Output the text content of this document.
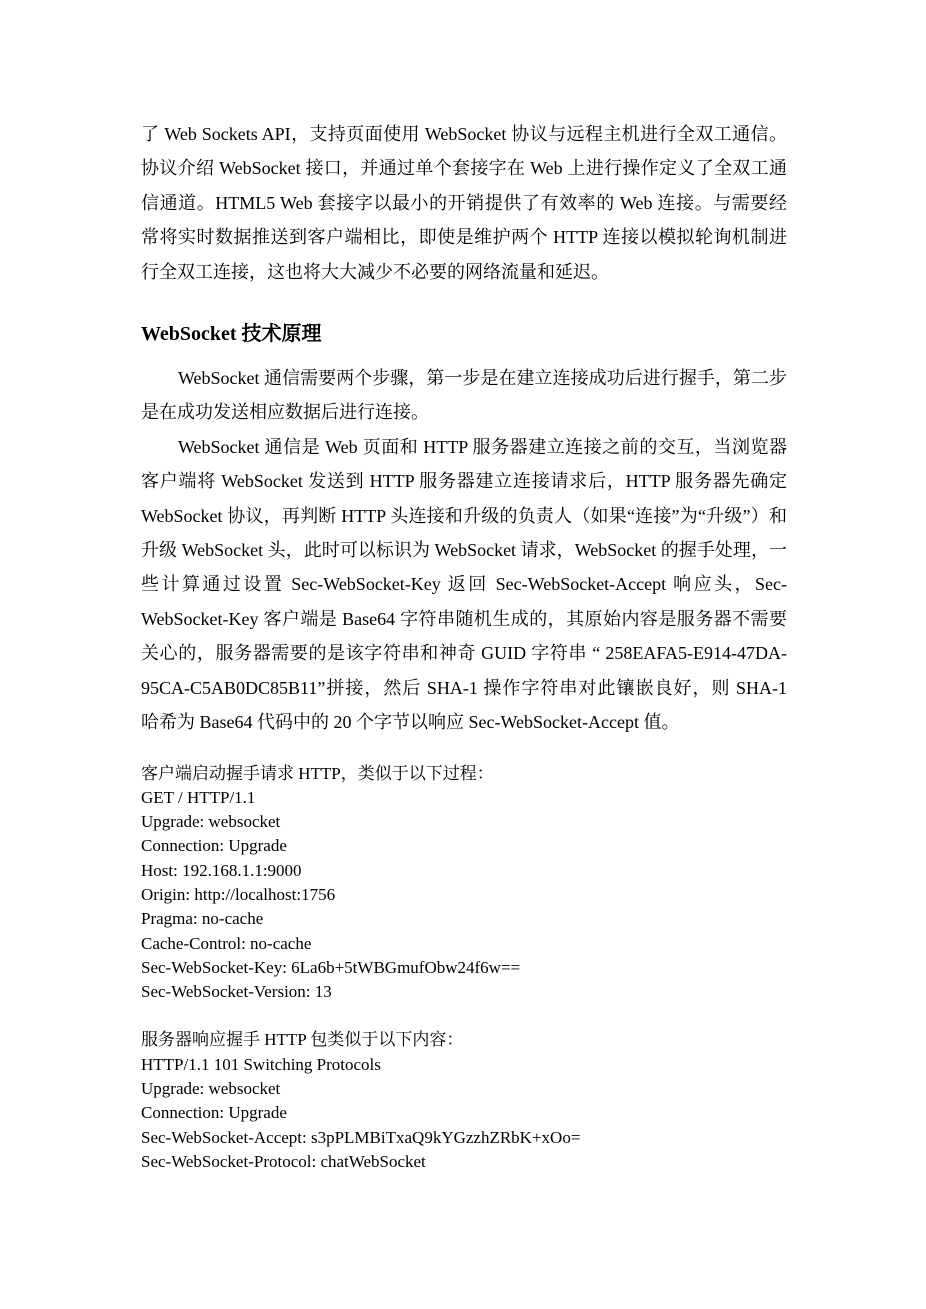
了 Web Sockets API，支持页面使用 WebSocket 协议与远程主机进行全双工通信。协议介绍 WebSocket 接口，并通过单个套接字在 Web 上进行操作定义了全双工通信通道。HTML5 Web 套接字以最小的开销提供了有效率的 Web 连接。与需要经常将实时数据推送到客户端相比，即使是维护两个 HTTP 连接以模拟轮询机制进行全双工连接，这也将大大减少不必要的网络流量和延迟。

WebSocket 技术原理

WebSocket 通信需要两个步骤，第一步是在建立连接成功后进行握手，第二步是在成功发送相应数据后进行连接。

WebSocket 通信是 Web 页面和 HTTP 服务器建立连接之前的交互，当浏览器客户端将 WebSocket 发送到 HTTP 服务器建立连接请求后，HTTP 服务器先确定 WebSocket 协议，再判断 HTTP 头连接和升级的负责人（如果“连接”为“升级”）和升级 WebSocket 头，此时可以标识为 WebSocket 请求，WebSocket 的握手处理，一些计算通过设置 Sec-WebSocket-Key 返回 Sec-WebSocket-Accept 响应头，Sec-WebSocket-Key 客户端是 Base64 字符串随机生成的，其原始内容是服务器不需要关心的，服务器需要的是该字符串和神奇 GUID 字符串 “ 258EAFA5-E914-47DA-95CA-C5AB0DC85B11”拼接，然后 SHA-1 操作字符串对此镶嵌良好，则 SHA-1 哈希为 Base64 代码中的 20 个字节以响应 Sec-WebSocket-Accept 值。

客户端启动握手请求 HTTP，类似于以下过程：

GET / HTTP/1.1

Upgrade: websocket

Connection: Upgrade

Host: 192.168.1.1:9000

Origin: http://localhost:1756

Pragma: no-cache

Cache-Control: no-cache

Sec-WebSocket-Key: 6La6b+5tWBGmufObw24f6w==

Sec-WebSocket-Version: 13

服务器响应握手 HTTP 包类似于以下内容：

HTTP/1.1 101 Switching Protocols

Upgrade: websocket

Connection: Upgrade

Sec-WebSocket-Accept: s3pPLMBiTxaQ9kYGzzhZRbK+xOo=

Sec-WebSocket-Protocol: chatWebSocket
